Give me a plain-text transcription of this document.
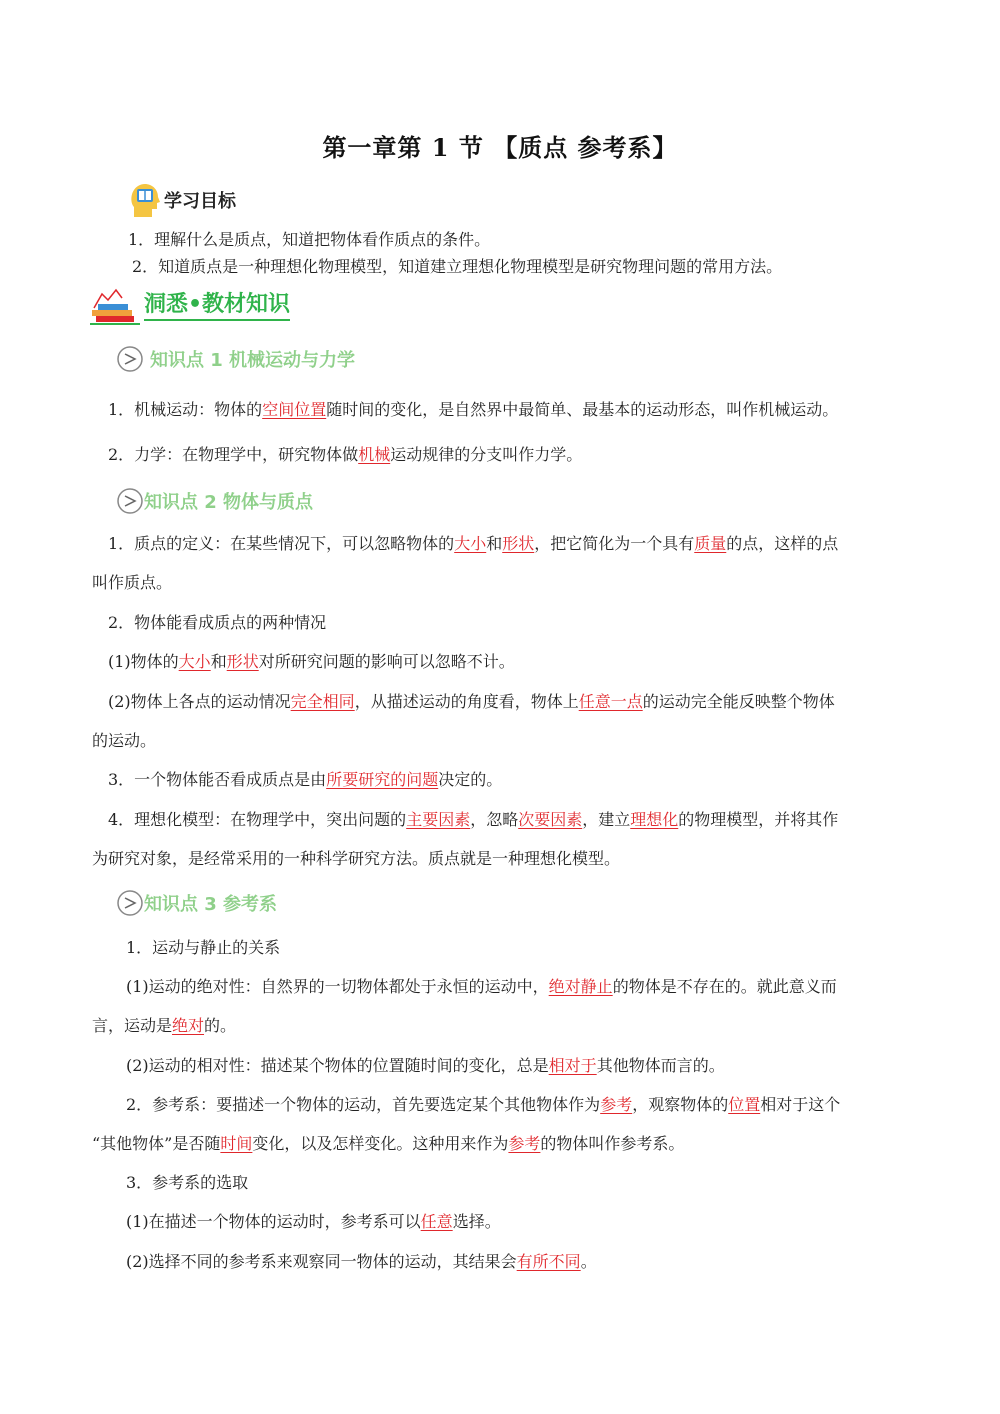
第一章第 1 节 【质点 参考系】
学习目标
1．理解什么是质点，知道把物体看作质点的条件。
2．知道质点是一种理想化物理模型，知道建立理想化物理模型是研究物理问题的常用方法。
洞悉•教材知识
知识点 1 机械运动与力学
1．机械运动：物体的空间位置随时间的变化，是自然界中最简单、最基本的运动形态，叫作机械运动。
2．力学：在物理学中，研究物体做机械运动规律的分支叫作力学。
知识点 2 物体与质点
1．质点的定义：在某些情况下，可以忽略物体的大小和形状，把它简化为一个具有质量的点，这样的点
叫作质点。
2．物体能看成质点的两种情况
(1)物体的大小和形状对所研究问题的影响可以忽略不计。
(2)物体上各点的运动情况完全相同，从描述运动的角度看，物体上任意一点的运动完全能反映整个物体
的运动。
3．一个物体能否看成质点是由所要研究的问题决定的。
4．理想化模型：在物理学中，突出问题的主要因素，忽略次要因素，建立理想化的物理模型，并将其作
为研究对象，是经常采用的一种科学研究方法。质点就是一种理想化模型。
知识点 3 参考系
1．运动与静止的关系
(1)运动的绝对性：自然界的一切物体都处于永恒的运动中，绝对静止的物体是不存在的。就此意义而
言，运动是绝对的。
(2)运动的相对性：描述某个物体的位置随时间的变化，总是相对于其他物体而言的。
2．参考系：要描述一个物体的运动，首先要选定某个其他物体作为参考，观察物体的位置相对于这个
“其他物体”是否随时间变化，以及怎样变化。这种用来作为参考的物体叫作参考系。
3．参考系的选取
(1)在描述一个物体的运动时，参考系可以任意选择。
(2)选择不同的参考系来观察同一物体的运动，其结果会有所不同。
